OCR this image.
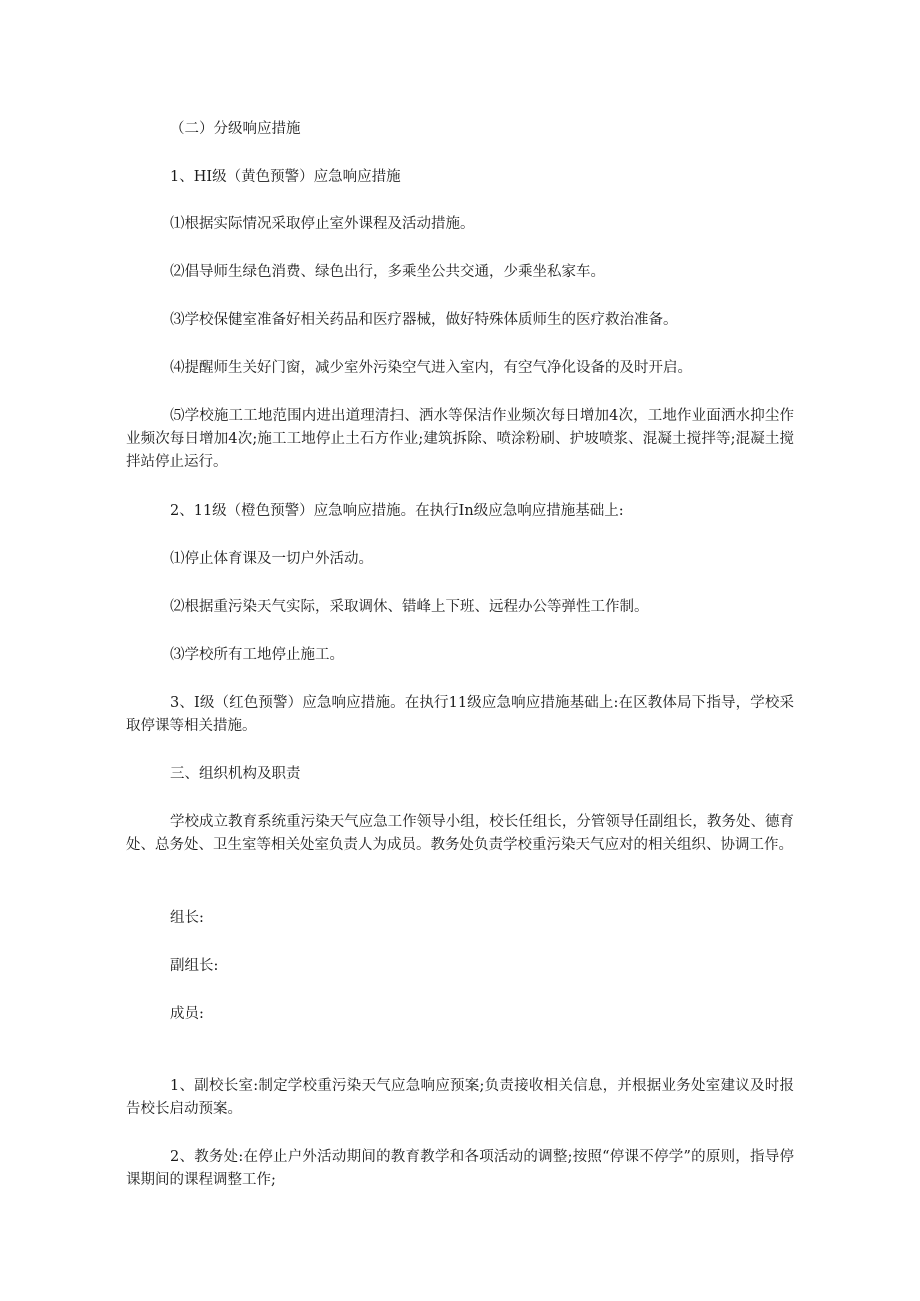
（二）分级响应措施

1、HI级（黄色预警）应急响应措施

⑴根据实际情况采取停止室外课程及活动措施。

⑵倡导师生绿色消费、绿色出行，多乘坐公共交通，少乘坐私家车。

⑶学校保健室准备好相关药品和医疗器械，做好特殊体质师生的医疗救治准备。

⑷提醒师生关好门窗，减少室外污染空气进入室内，有空气净化设备的及时开启。

⑸学校施工工地范围内进出道理清扫、洒水等保洁作业频次每日增加4次，工地作业面洒水抑尘作业频次每日增加4次;施工工地停止土石方作业;建筑拆除、喷涂粉刷、护坡喷浆、混凝土搅拌等;混凝土搅拌站停止运行。

2、11级（橙色预警）应急响应措施。在执行In级应急响应措施基础上:

⑴停止体育课及一切户外活动。

⑵根据重污染天气实际，采取调休、错峰上下班、远程办公等弹性工作制。

⑶学校所有工地停止施工。

3、I级（红色预警）应急响应措施。在执行11级应急响应措施基础上:在区教体局下指导，学校采取停课等相关措施。

三、组织机构及职责

学校成立教育系统重污染天气应急工作领导小组，校长任组长，分管领导任副组长，教务处、德育处、总务处、卫生室等相关处室负责人为成员。教务处负责学校重污染天气应对的相关组织、协调工作。

组长:

副组长:

成员:

1、副校长室:制定学校重污染天气应急响应预案;负责接收相关信息，并根据业务处室建议及时报告校长启动预案。

2、教务处:在停止户外活动期间的教育教学和各项活动的调整;按照“停课不停学”的原则，指导停课期间的课程调整工作;
